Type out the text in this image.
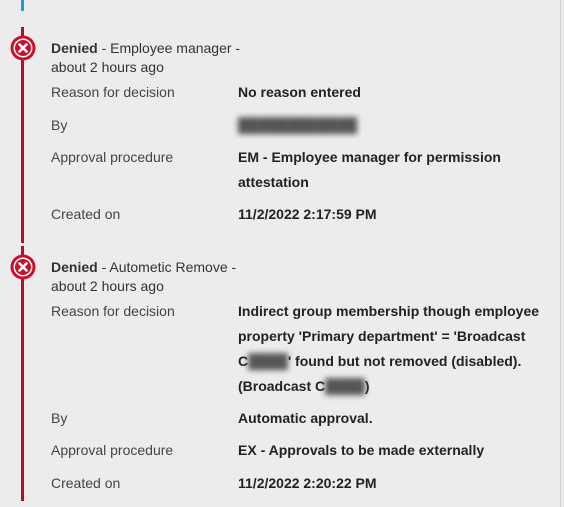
Denied - Employee manager -
about 2 hours ago
Reason for decision	No reason entered
By	████████████
Approval procedure	EM - Employee manager for permission attestation
Created on	11/2/2022 2:17:59 PM
Denied - Autometic Remove -
about 2 hours ago
Reason for decision	Indirect group membership though employee
property 'Primary department' = 'Broadcast
C████' found but not removed (disabled).
(Broadcast C████)
By	Automatic approval.
Approval procedure	EX - Approvals to be made externally
Created on	11/2/2022 2:20:22 PM
